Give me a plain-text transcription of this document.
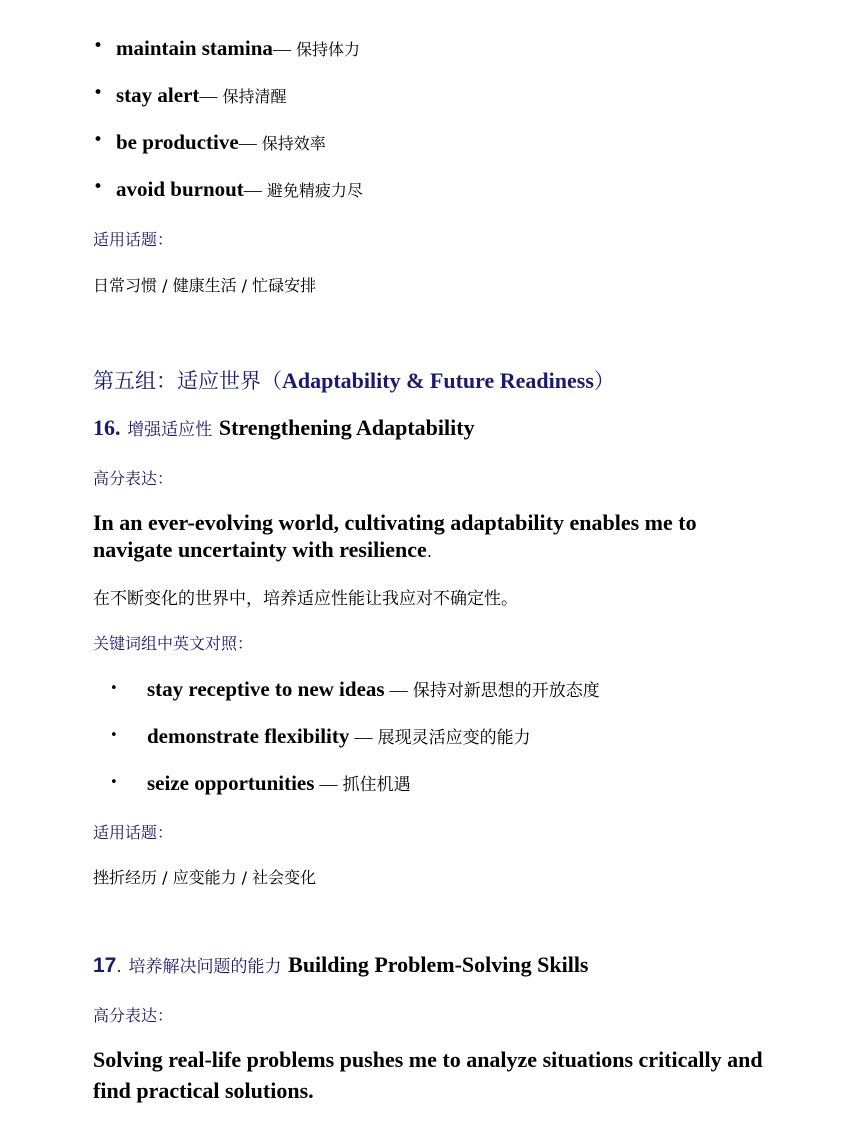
• maintain stamina— 保持体力
• stay alert— 保持清醒
• be productive— 保持效率
• avoid burnout— 避免精疲力尽
适用话题：
日常习惯 / 健康生活 / 忙碌安排
第五组：适应世界（Adaptability & Future Readiness）
16. 增强适应性 Strengthening Adaptability
高分表达：
In an ever-evolving world, cultivating adaptability enables me to
navigate uncertainty with resilience.
在不断变化的世界中，培养适应性能让我应对不确定性。
关键词组中英文对照：
• stay receptive to new ideas — 保持对新思想的开放态度
• demonstrate flexibility — 展现灵活应变的能力
• seize opportunities — 抓住机遇
适用话题：
挫折经历 / 应变能力 / 社会变化
17. 培养解决问题的能力 Building Problem-Solving Skills
高分表达：
Solving real-life problems pushes me to analyze situations critically and
find practical solutions.
